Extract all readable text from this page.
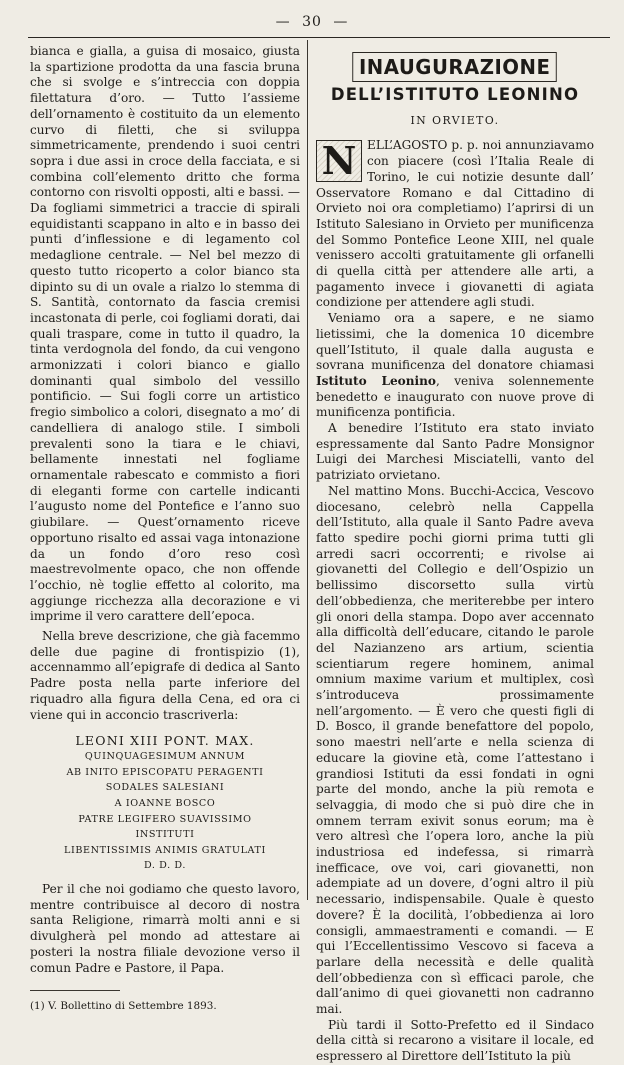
— 30 —

bianca e gialla, a guisa di mosaico, giusta la spartizione prodotta da una fascia bruna che si svolge e s’intreccia con doppia filettatura d’oro. — Tutto l’assieme dell’ornamento è costituito da un elemento curvo di filetti, che si sviluppa simmetricamente, prendendo i suoi centri sopra i due assi in croce della facciata, e si combina coll’elemento dritto che forma contorno con risvolti opposti, alti e bassi. — Da fogliami simmetrici a traccie di spirali equidistanti scappano in alto e in basso dei punti d’inflessione e di legamento col medaglione centrale. — Nel bel mezzo di questo tutto ricoperto a color bianco sta dipinto su di un ovale a rialzo lo stemma di S. Santità, contornato da fascia cremisi incastonata di perle, coi fogliami dorati, dai quali traspare, come in tutto il quadro, la tinta verdognola del fondo, da cui vengono armonizzati i colori bianco e giallo dominanti qual simbolo del vessillo pontificio. — Sui fogli corre un artistico fregio simbolico a colori, disegnato a mo’ di candelliera di analogo stile. I simboli prevalenti sono la tiara e le chiavi, bellamente innestati nel fogliame ornamentale rabescato e commisto a fiori di eleganti forme con cartelle indicanti l’augusto nome del Pontefice e l’anno suo giubilare. — Quest’ornamento riceve opportuno risalto ed assai vaga intonazione da un fondo d’oro reso così maestrevolmente opaco, che non offende l’occhio, nè toglie effetto al colorito, ma aggiunge ricchezza alla decorazione e vi imprime il vero carattere dell’epoca.

Nella breve descrizione, che già facemmo delle due pagine di frontispizio (1), accennammo all’epigrafe di dedica al Santo Padre posta nella parte inferiore del riquadro alla figura della Cena, ed ora ci viene qui in acconcio trascriverla:

LEONI XIII PONT. MAX.
QUINQUAGESIMUM ANNUM
AB INITO EPISCOPATU PERAGENTI
SODALES SALESIANI
A IOANNE BOSCO
PATRE LEGIFERO SUAVISSIMO
INSTITUTI
LIBENTISSIMIS ANIMIS GRATULATI
D. D. D.

Per il che noi godiamo che questo lavoro, mentre contribuisce al decoro di nostra santa Religione, rimarrà molti anni e si divulgherà pel mondo ad attestare ai posteri la nostra filiale devozione verso il comun Padre e Pastore, il Papa.

(1) V. Bollettino di Settembre 1893.

INAUGURAZIONE
DELL’ISTITUTO LEONINO
IN ORVIETO.

N ELL’AGOSTO p. p. noi annunziavamo con piacere (così l’Italia Reale di Torino, le cui notizie desunte dall’ Osservatore Romano e dal Cittadino di Orvieto noi ora completiamo) l’aprirsi di un Istituto Salesiano in Orvieto per munificenza del Sommo Pontefice Leone XIII, nel quale venissero accolti gratuitamente gli orfanelli di quella città per attendere alle arti, a pagamento invece i giovanetti di agiata condizione per attendere agli studi.

Veniamo ora a sapere, e ne siamo lietissimi, che la domenica 10 dicembre quell’Istituto, il quale dalla augusta e sovrana munificenza del donatore chiamasi Istituto Leonino, veniva solennemente benedetto e inaugurato con nuove prove di munificenza pontificia.

A benedire l’Istituto era stato inviato espressamente dal Santo Padre Monsignor Luigi dei Marchesi Misciatelli, vanto del patriziato orvietano.

Nel mattino Mons. Bucchi-Accica, Vescovo diocesano, celebrò nella Cappella dell’Istituto, alla quale il Santo Padre aveva fatto spedire pochi giorni prima tutti gli arredi sacri occorrenti; e rivolse ai giovanetti del Collegio e dell’Ospizio un bellissimo discorsetto sulla virtù dell’obbedienza, che meriterebbe per intero gli onori della stampa. Dopo aver accennato alla difficoltà dell’educare, citando le parole del Nazianzeno ars artium, scientia scientiarum regere hominem, animal omnium maxime varium et multiplex, così s’introduceva prossimamente nell’argomento. — È vero che questi figli di D. Bosco, il grande benefattore del popolo, sono maestri nell’arte e nella scienza di educare la giovine età, come l’attestano i grandiosi Istituti da essi fondati in ogni parte del mondo, anche la più remota e selvaggia, di modo che si può dire che in omnem terram exivit sonus eorum; ma è vero altresì che l’opera loro, anche la più industriosa ed indefessa, si rimarrà inefficace, ove voi, cari giovanetti, non adempiate ad un dovere, d’ogni altro il più necessario, indispensabile. Quale è questo dovere? È la docilità, l’obbedienza ai loro consigli, ammaestramenti e comandi. — E qui l’Eccellentissimo Vescovo si faceva a parlare della necessità e delle qualità dell’obbedienza con sì efficaci parole, che dall’animo di quei giovanetti non cadranno mai.

Più tardi il Sotto-Prefetto ed il Sindaco della città si recarono a visitare il locale, ed espressero al Direttore dell’Istituto la più
